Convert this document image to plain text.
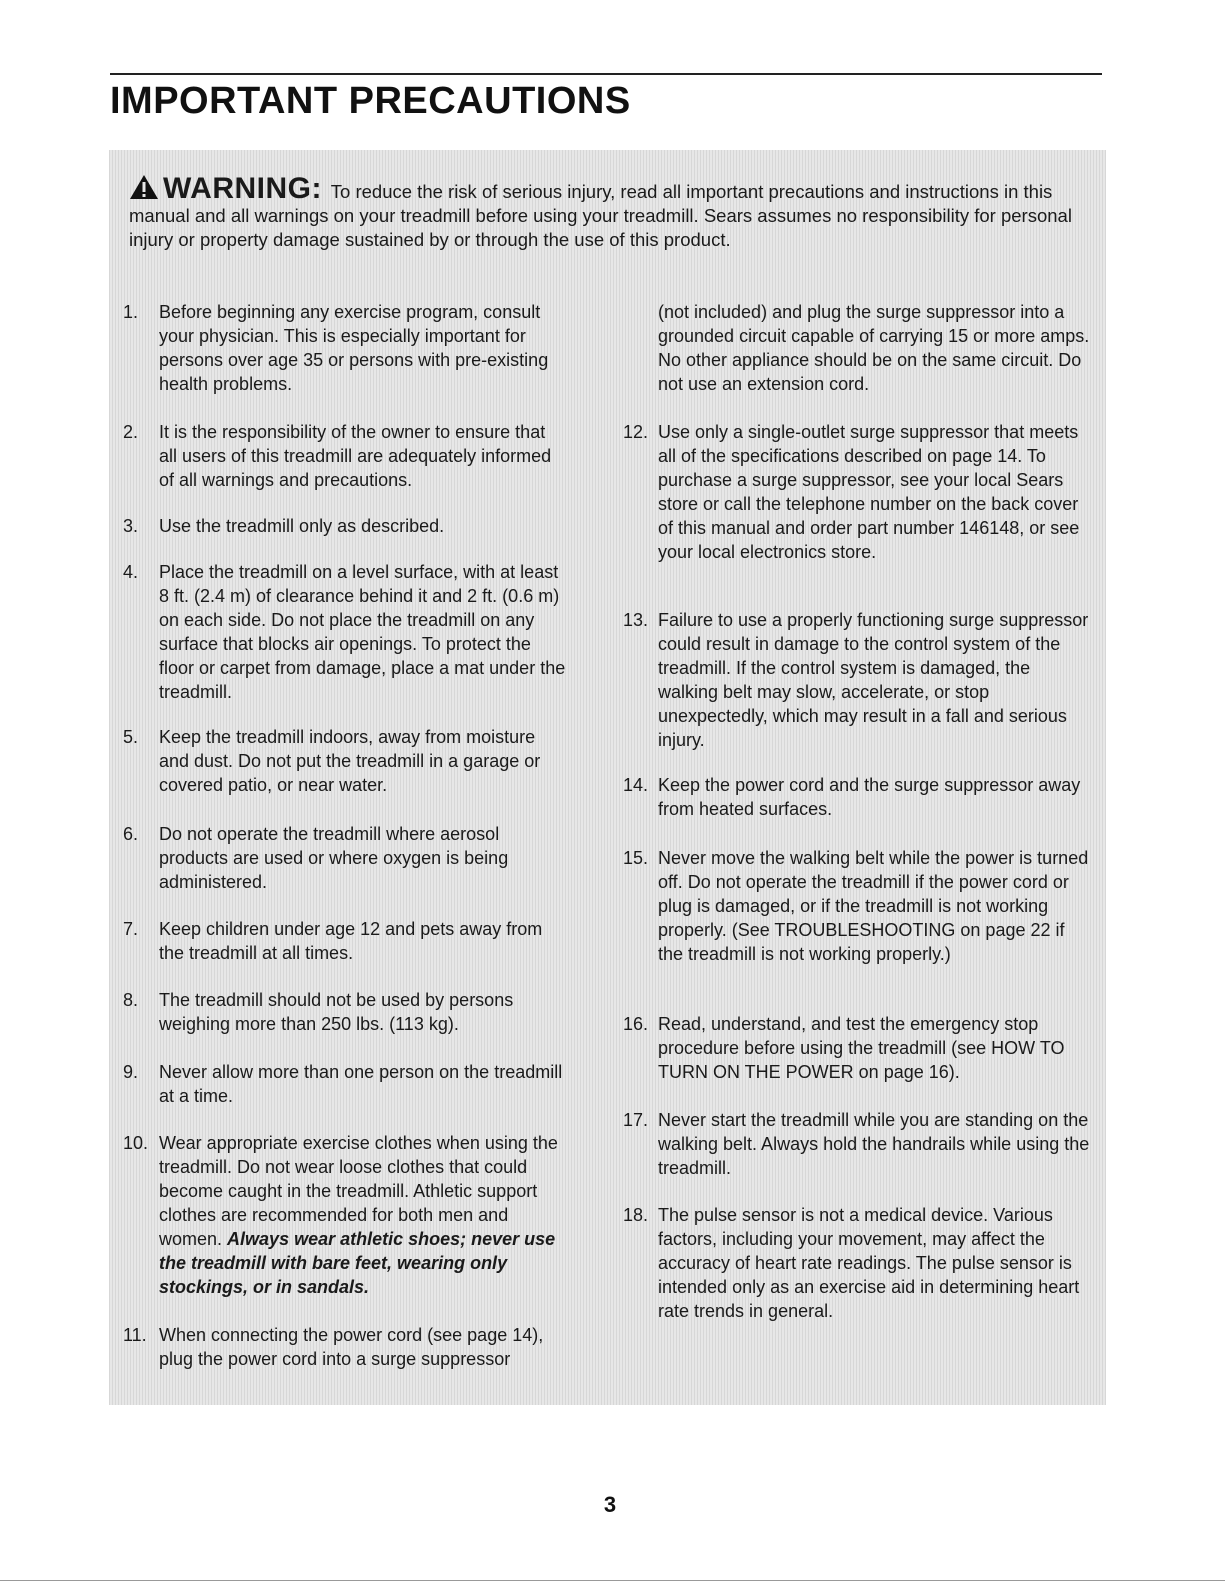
IMPORTANT PRECAUTIONS

WARNING: To reduce the risk of serious injury, read all important precautions and instructions in this manual and all warnings on your treadmill before using your treadmill. Sears assumes no responsibility for personal injury or property damage sustained by or through the use of this product.

1.	Before beginning any exercise program, consult your physician. This is especially important for persons over age 35 or persons with pre-existing health problems.
2.	It is the responsibility of the owner to ensure that all users of this treadmill are adequately informed of all warnings and precautions.
3.	Use the treadmill only as described.
4.	Place the treadmill on a level surface, with at least 8 ft. (2.4 m) of clearance behind it and 2 ft. (0.6 m) on each side. Do not place the treadmill on any surface that blocks air openings. To protect the floor or carpet from damage, place a mat under the treadmill.
5.	Keep the treadmill indoors, away from moisture and dust. Do not put the treadmill in a garage or covered patio, or near water.
6.	Do not operate the treadmill where aerosol products are used or where oxygen is being administered.
7.	Keep children under age 12 and pets away from the treadmill at all times.
8.	The treadmill should not be used by persons weighing more than 250 lbs. (113 kg).
9.	Never allow more than one person on the treadmill at a time.
10. Wear appropriate exercise clothes when using the treadmill. Do not wear loose clothes that could become caught in the treadmill. Athletic support clothes are recommended for both men and women. Always wear athletic shoes; never use the treadmill with bare feet, wearing only stockings, or in sandals.
11. When connecting the power cord (see page 14), plug the power cord into a surge suppressor
(not included) and plug the surge suppressor into a grounded circuit capable of carrying 15 or more amps. No other appliance should be on the same circuit. Do not use an extension cord.
12. Use only a single-outlet surge suppressor that meets all of the specifications described on page 14. To purchase a surge suppressor, see your local Sears store or call the telephone number on the back cover of this manual and order part number 146148, or see your local electronics store.
13. Failure to use a properly functioning surge suppressor could result in damage to the control system of the treadmill. If the control system is damaged, the walking belt may slow, accelerate, or stop unexpectedly, which may result in a fall and serious injury.
14. Keep the power cord and the surge suppressor away from heated surfaces.
15. Never move the walking belt while the power is turned off. Do not operate the treadmill if the power cord or plug is damaged, or if the treadmill is not working properly. (See TROUBLESHOOTING on page 22 if the treadmill is not working properly.)
16. Read, understand, and test the emergency stop procedure before using the treadmill (see HOW TO TURN ON THE POWER on page 16).
17. Never start the treadmill while you are standing on the walking belt. Always hold the handrails while using the treadmill.
18. The pulse sensor is not a medical device. Various factors, including your movement, may affect the accuracy of heart rate readings. The pulse sensor is intended only as an exercise aid in determining heart rate trends in general.
3
